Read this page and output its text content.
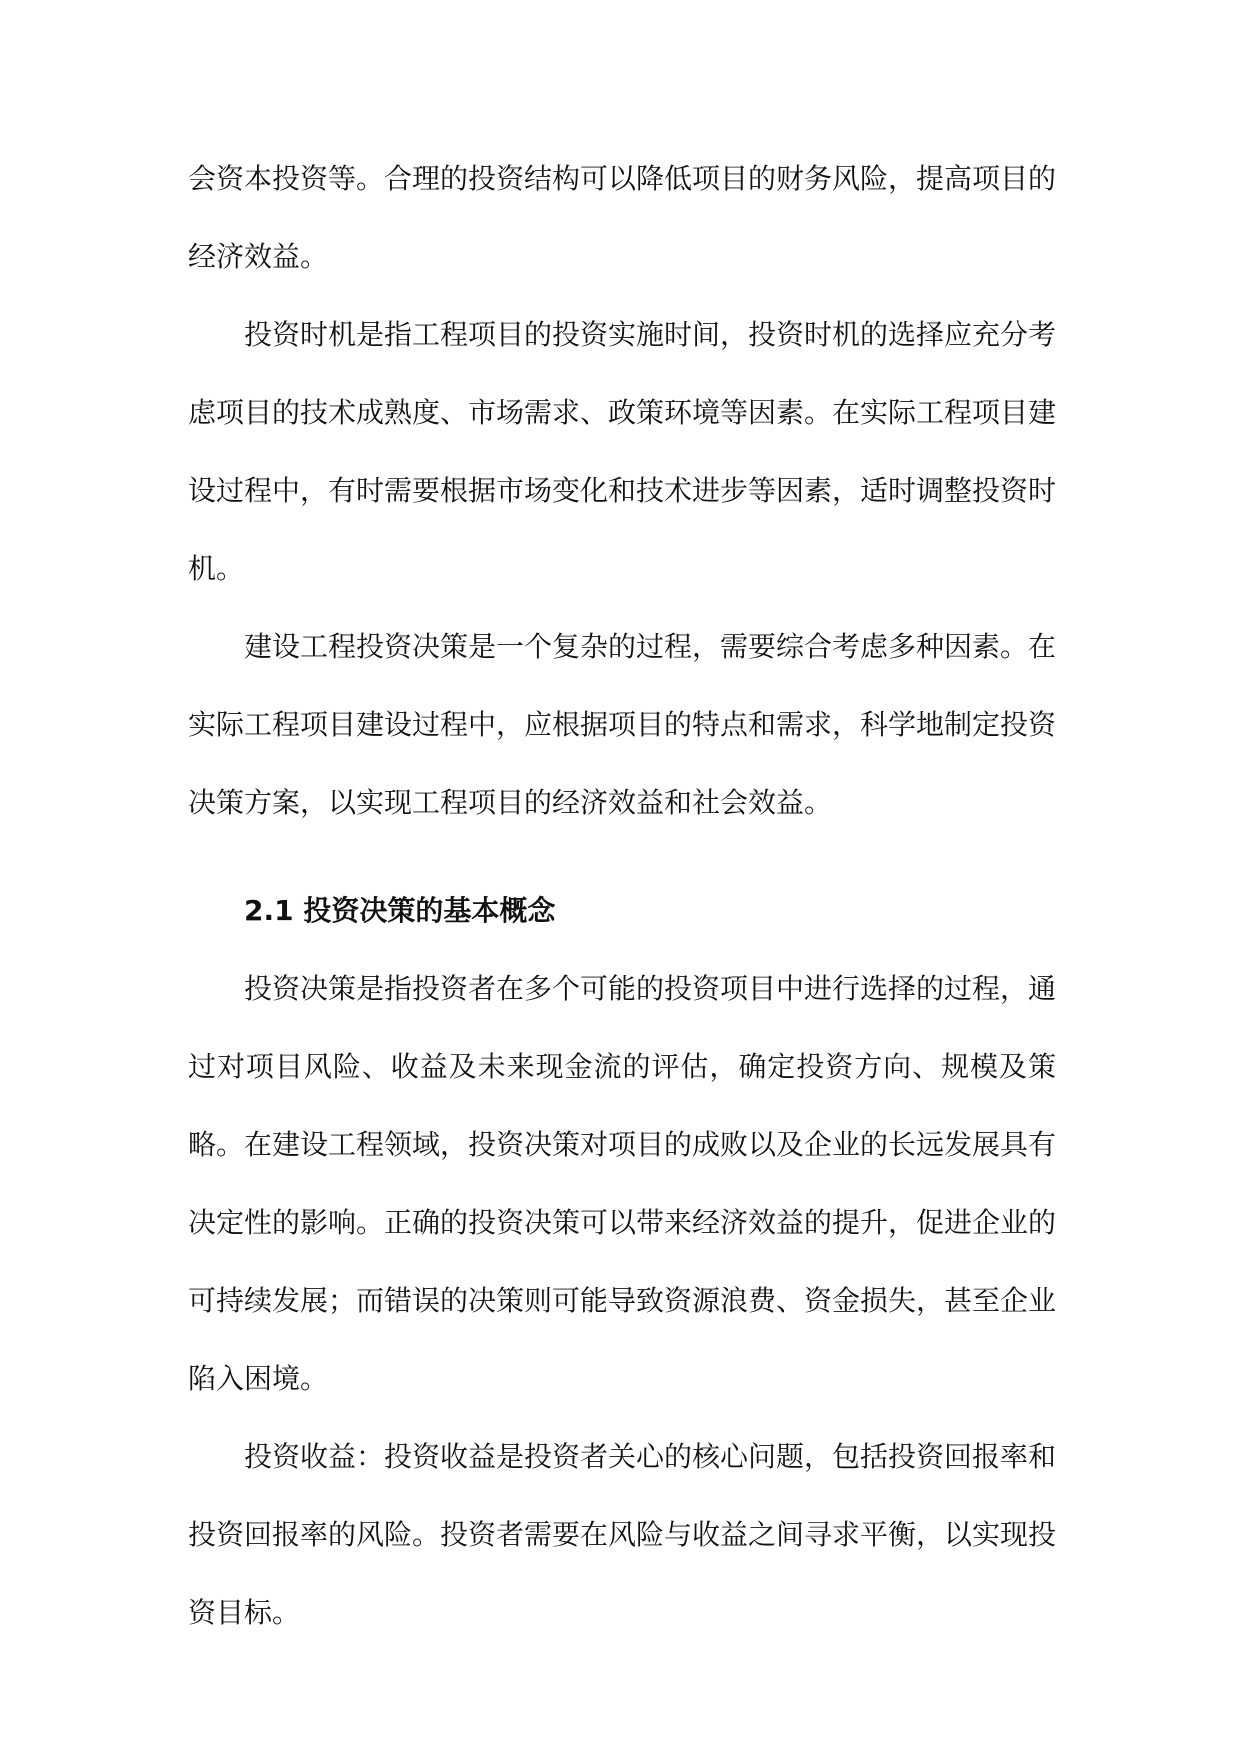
会资本投资等。合理的投资结构可以降低项目的财务风险，提高项目的经济效益。

投资时机是指工程项目的投资实施时间，投资时机的选择应充分考虑项目的技术成熟度、市场需求、政策环境等因素。在实际工程项目建设过程中，有时需要根据市场变化和技术进步等因素，适时调整投资时机。

建设工程投资决策是一个复杂的过程，需要综合考虑多种因素。在实际工程项目建设过程中，应根据项目的特点和需求，科学地制定投资决策方案，以实现工程项目的经济效益和社会效益。

2.1 投资决策的基本概念

投资决策是指投资者在多个可能的投资项目中进行选择的过程，通过对项目风险、收益及未来现金流的评估，确定投资方向、规模及策略。在建设工程领域，投资决策对项目的成败以及企业的长远发展具有决定性的影响。正确的投资决策可以带来经济效益的提升，促进企业的可持续发展；而错误的决策则可能导致资源浪费、资金损失，甚至企业陷入困境。

投资收益：投资收益是投资者关心的核心问题，包括投资回报率和投资回报率的风险。投资者需要在风险与收益之间寻求平衡，以实现投资目标。
